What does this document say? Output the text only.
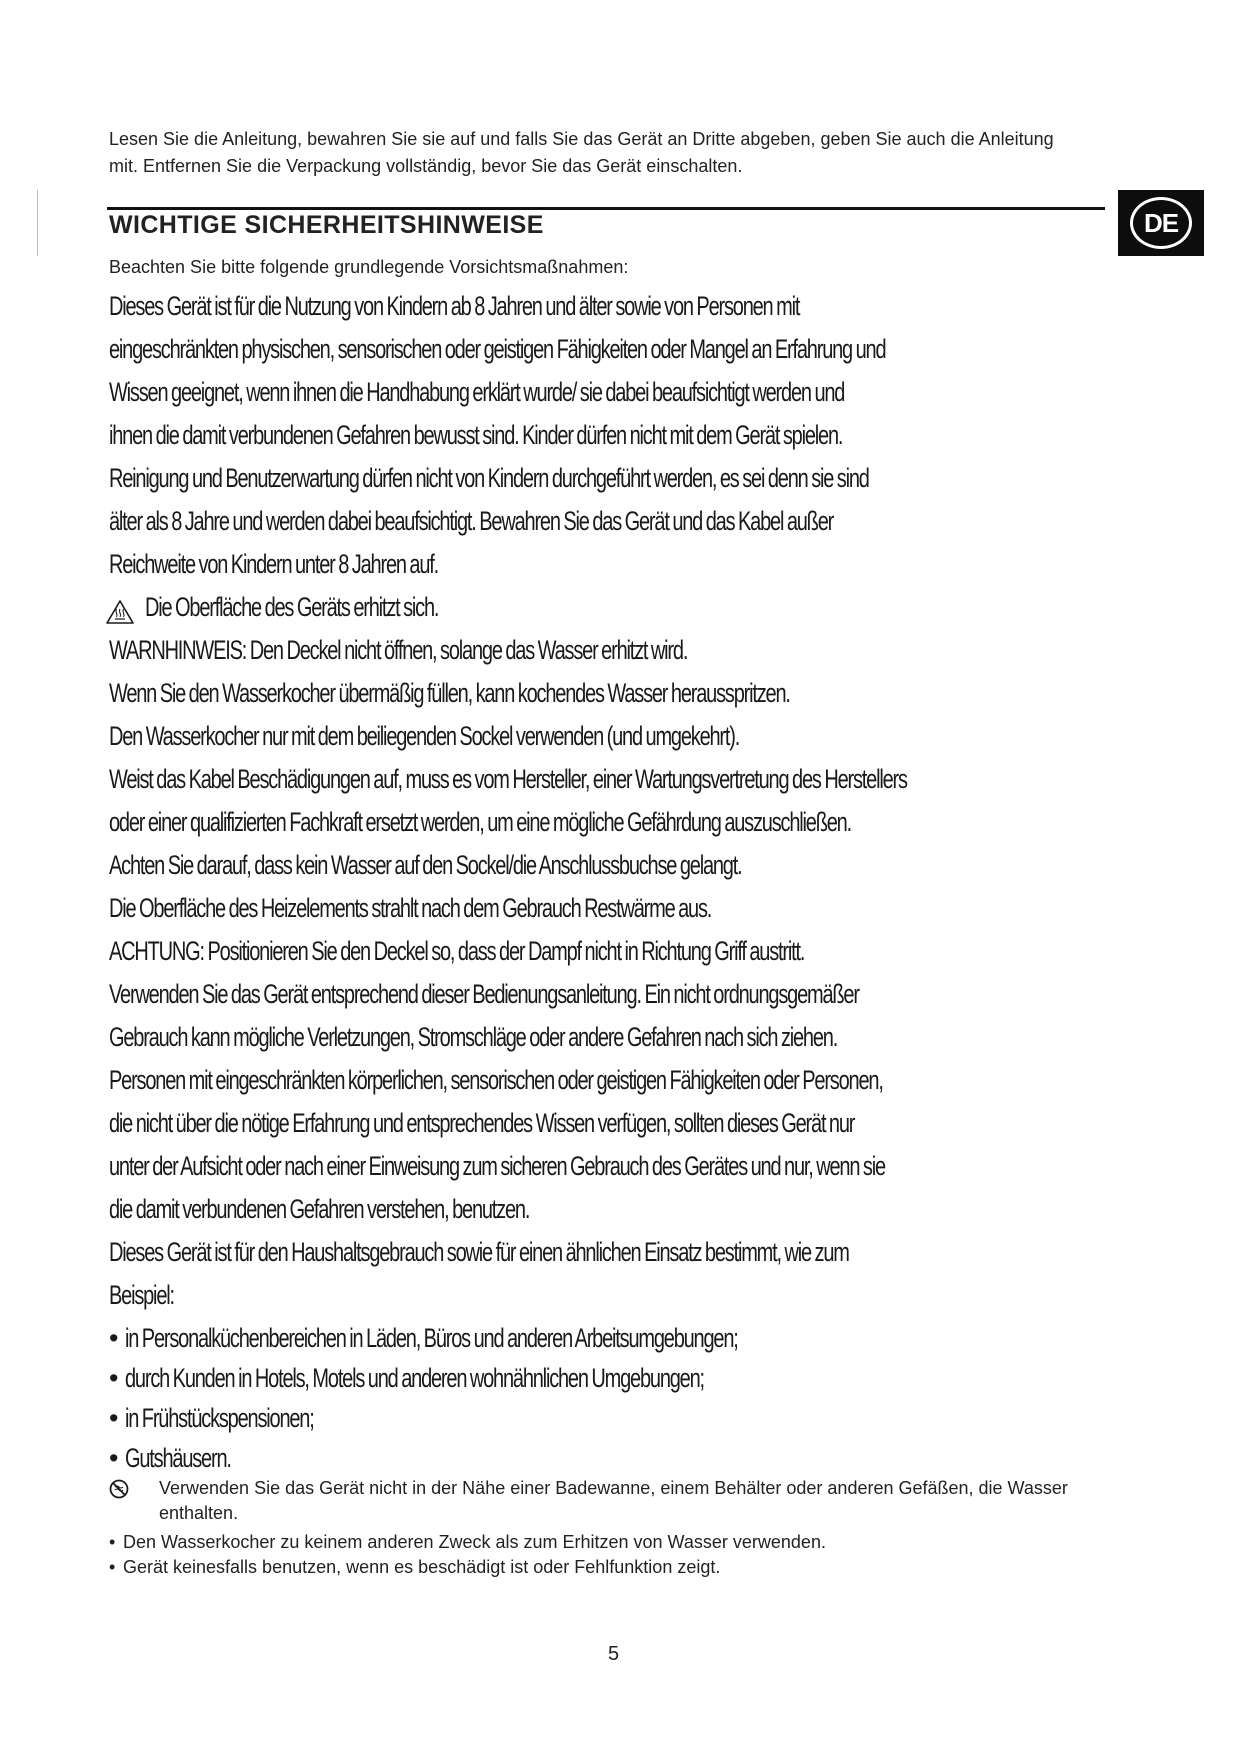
Lesen Sie die Anleitung, bewahren Sie sie auf und falls Sie das Gerät an Dritte abgeben, geben Sie auch die Anleitung
mit. Entfernen Sie die Verpackung vollständig, bevor Sie das Gerät einschalten.
DE
WICHTIGE SICHERHEITSHINWEISE
Beachten Sie bitte folgende grundlegende Vorsichtsmaßnahmen:

Dieses Gerät ist für die Nutzung von Kindern ab 8 Jahren und älter sowie von Personen mit

eingeschränkten physischen, sensorischen oder geistigen Fähigkeiten oder Mangel an Erfahrung und

Wissen geeignet, wenn ihnen die Handhabung erklärt wurde/ sie dabei beaufsichtigt werden und

ihnen die damit verbundenen Gefahren bewusst sind. Kinder dürfen nicht mit dem Gerät spielen.

Reinigung und Benutzerwartung dürfen nicht von Kindern durchgeführt werden, es sei denn sie sind

älter als 8 Jahre und werden dabei beaufsichtigt. Bewahren Sie das Gerät und das Kabel außer

Reichweite von Kindern unter 8 Jahren auf.

Die Oberfläche des Geräts erhitzt sich.

WARNHINWEIS: Den Deckel nicht öffnen, solange das Wasser erhitzt wird.

Wenn Sie den Wasserkocher übermäßig füllen, kann kochendes Wasser herausspritzen.

Den Wasserkocher nur mit dem beiliegenden Sockel verwenden (und umgekehrt).

Weist das Kabel Beschädigungen auf, muss es vom Hersteller, einer Wartungsvertretung des Herstellers

oder einer qualifizierten Fachkraft ersetzt werden, um eine mögliche Gefährdung auszuschließen.

Achten Sie darauf, dass kein Wasser auf den Sockel/die Anschlussbuchse gelangt.

Die Oberfläche des Heizelements strahlt nach dem Gebrauch Restwärme aus.

ACHTUNG: Positionieren Sie den Deckel so, dass der Dampf nicht in Richtung Griff austritt.

Verwenden Sie das Gerät entsprechend dieser Bedienungsanleitung. Ein nicht ordnungsgemäßer

Gebrauch kann mögliche Verletzungen, Stromschläge oder andere Gefahren nach sich ziehen.

Personen mit eingeschränkten körperlichen, sensorischen oder geistigen Fähigkeiten oder Personen,

die nicht über die nötige Erfahrung und entsprechendes Wissen verfügen, sollten dieses Gerät nur

unter der Aufsicht oder nach einer Einweisung zum sicheren Gebrauch des Gerätes und nur, wenn sie

die damit verbundenen Gefahren verstehen, benutzen.

Dieses Gerät ist für den Haushaltsgebrauch sowie für einen ähnlichen Einsatz bestimmt, wie zum

Beispiel:

• in Personalküchenbereichen in Läden, Büros und anderen Arbeitsumgebungen;

• durch Kunden in Hotels, Motels und anderen wohnähnlichen Umgebungen;

• in Frühstückspensionen;

• Gutshäusern.

Verwenden Sie das Gerät nicht in der Nähe einer Badewanne, einem Behälter oder anderen Gefäßen, die Wasser
enthalten.
• Den Wasserkocher zu keinem anderen Zweck als zum Erhitzen von Wasser verwenden.
• Gerät keinesfalls benutzen, wenn es beschädigt ist oder Fehlfunktion zeigt.
5
